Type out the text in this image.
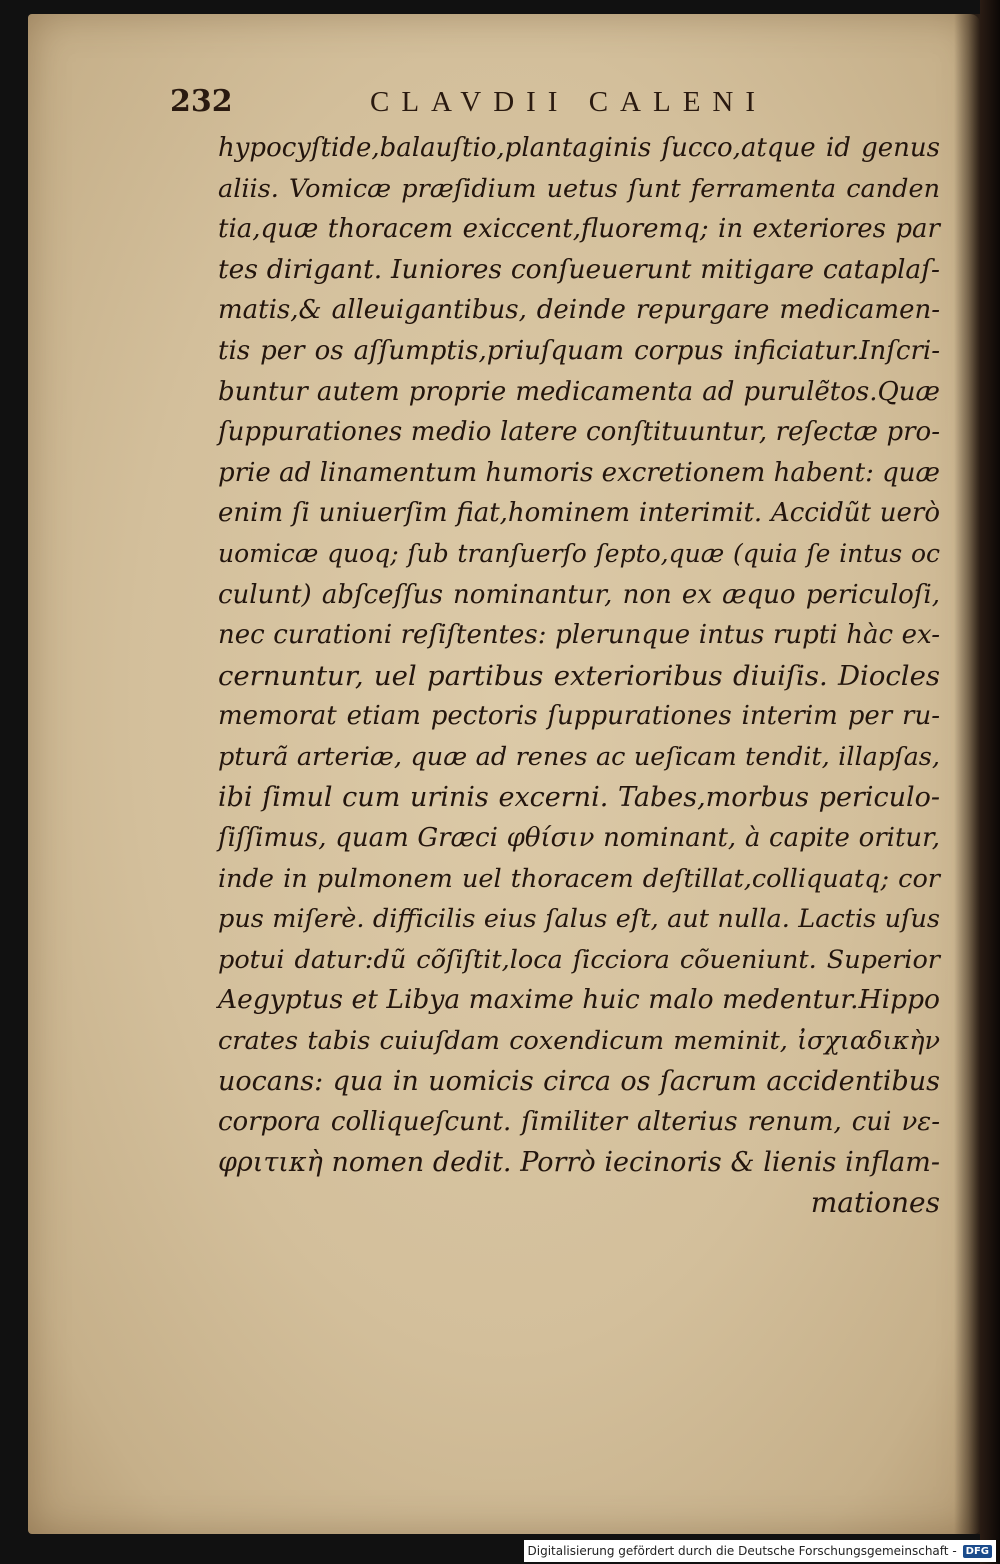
232	CLAVDII CALENI
hypocyſtide,balauſtio,plantaginis ſucco,atque id genus
aliis. Vomicæ præſidium uetus ſunt ferramenta canden
tia,quæ thoracem exiccent,fluoremq; in exteriores par
tes dirigant. Iuniores conſueuerunt mitigare cataplaſ-
matis,& alleuigantibus, deinde repurgare medicamen-
tis per os aſſumptis,priuſquam corpus inficiatur.Inſcri-
buntur autem proprie medicamenta ad purulẽtos.Quæ
ſuppurationes medio latere conſtituuntur, reſectæ pro-
prie ad linamentum humoris excretionem habent: quæ
enim ſi uniuerſim fiat,hominem interimit. Accidũt uerò
uomicæ quoq; ſub tranſuerſo ſepto,quæ (quia ſe intus oc
culunt) abſceſſus nominantur, non ex æquo periculoſi,
nec curationi reſiſtentes: plerunque intus rupti hàc ex-
cernuntur, uel partibus exterioribus diuiſis. Diocles
memorat etiam pectoris ſuppurationes interim per ru-
pturã arteriæ, quæ ad renes ac ueſicam tendit, illapſas,
ibi ſimul cum urinis excerni. Tabes,morbus periculo-
ſiſſimus, quam Græci φθίσιν nominant, à capite oritur,
inde in pulmonem uel thoracem deſtillat,colliquatq; cor
pus miſerè. difficilis eius ſalus eſt, aut nulla. Lactis uſus
potui datur:dũ cõſiſtit,loca ſicciora cõueniunt. Superior
Aegyptus et Libya maxime huic malo medentur.Hippo
crates tabis cuiuſdam coxendicum meminit, ἰσχιαδικὴν
uocans: qua in uomicis circa os ſacrum accidentibus
corpora colliqueſcunt. ſimiliter alterius renum, cui νε-
φριτικὴ nomen dedit. Porrò iecinoris & lienis inflam-
mationes
Digitalisierung gefördert durch die Deutsche Forschungsgemeinschaft - DFG
